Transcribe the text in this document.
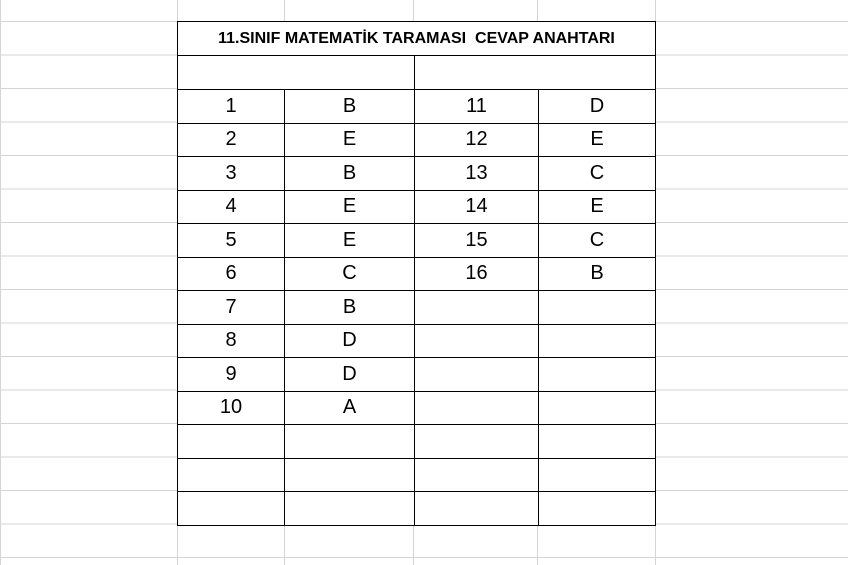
11.SINIF MATEMATİK TARAMASI  CEVAP ANAHTARI
1	B	11	D
2	E	12	E
3	B	13	C
4	E	14	E
5	E	15	C
6	C	16	B
7	B
8	D
9	D
10	A
